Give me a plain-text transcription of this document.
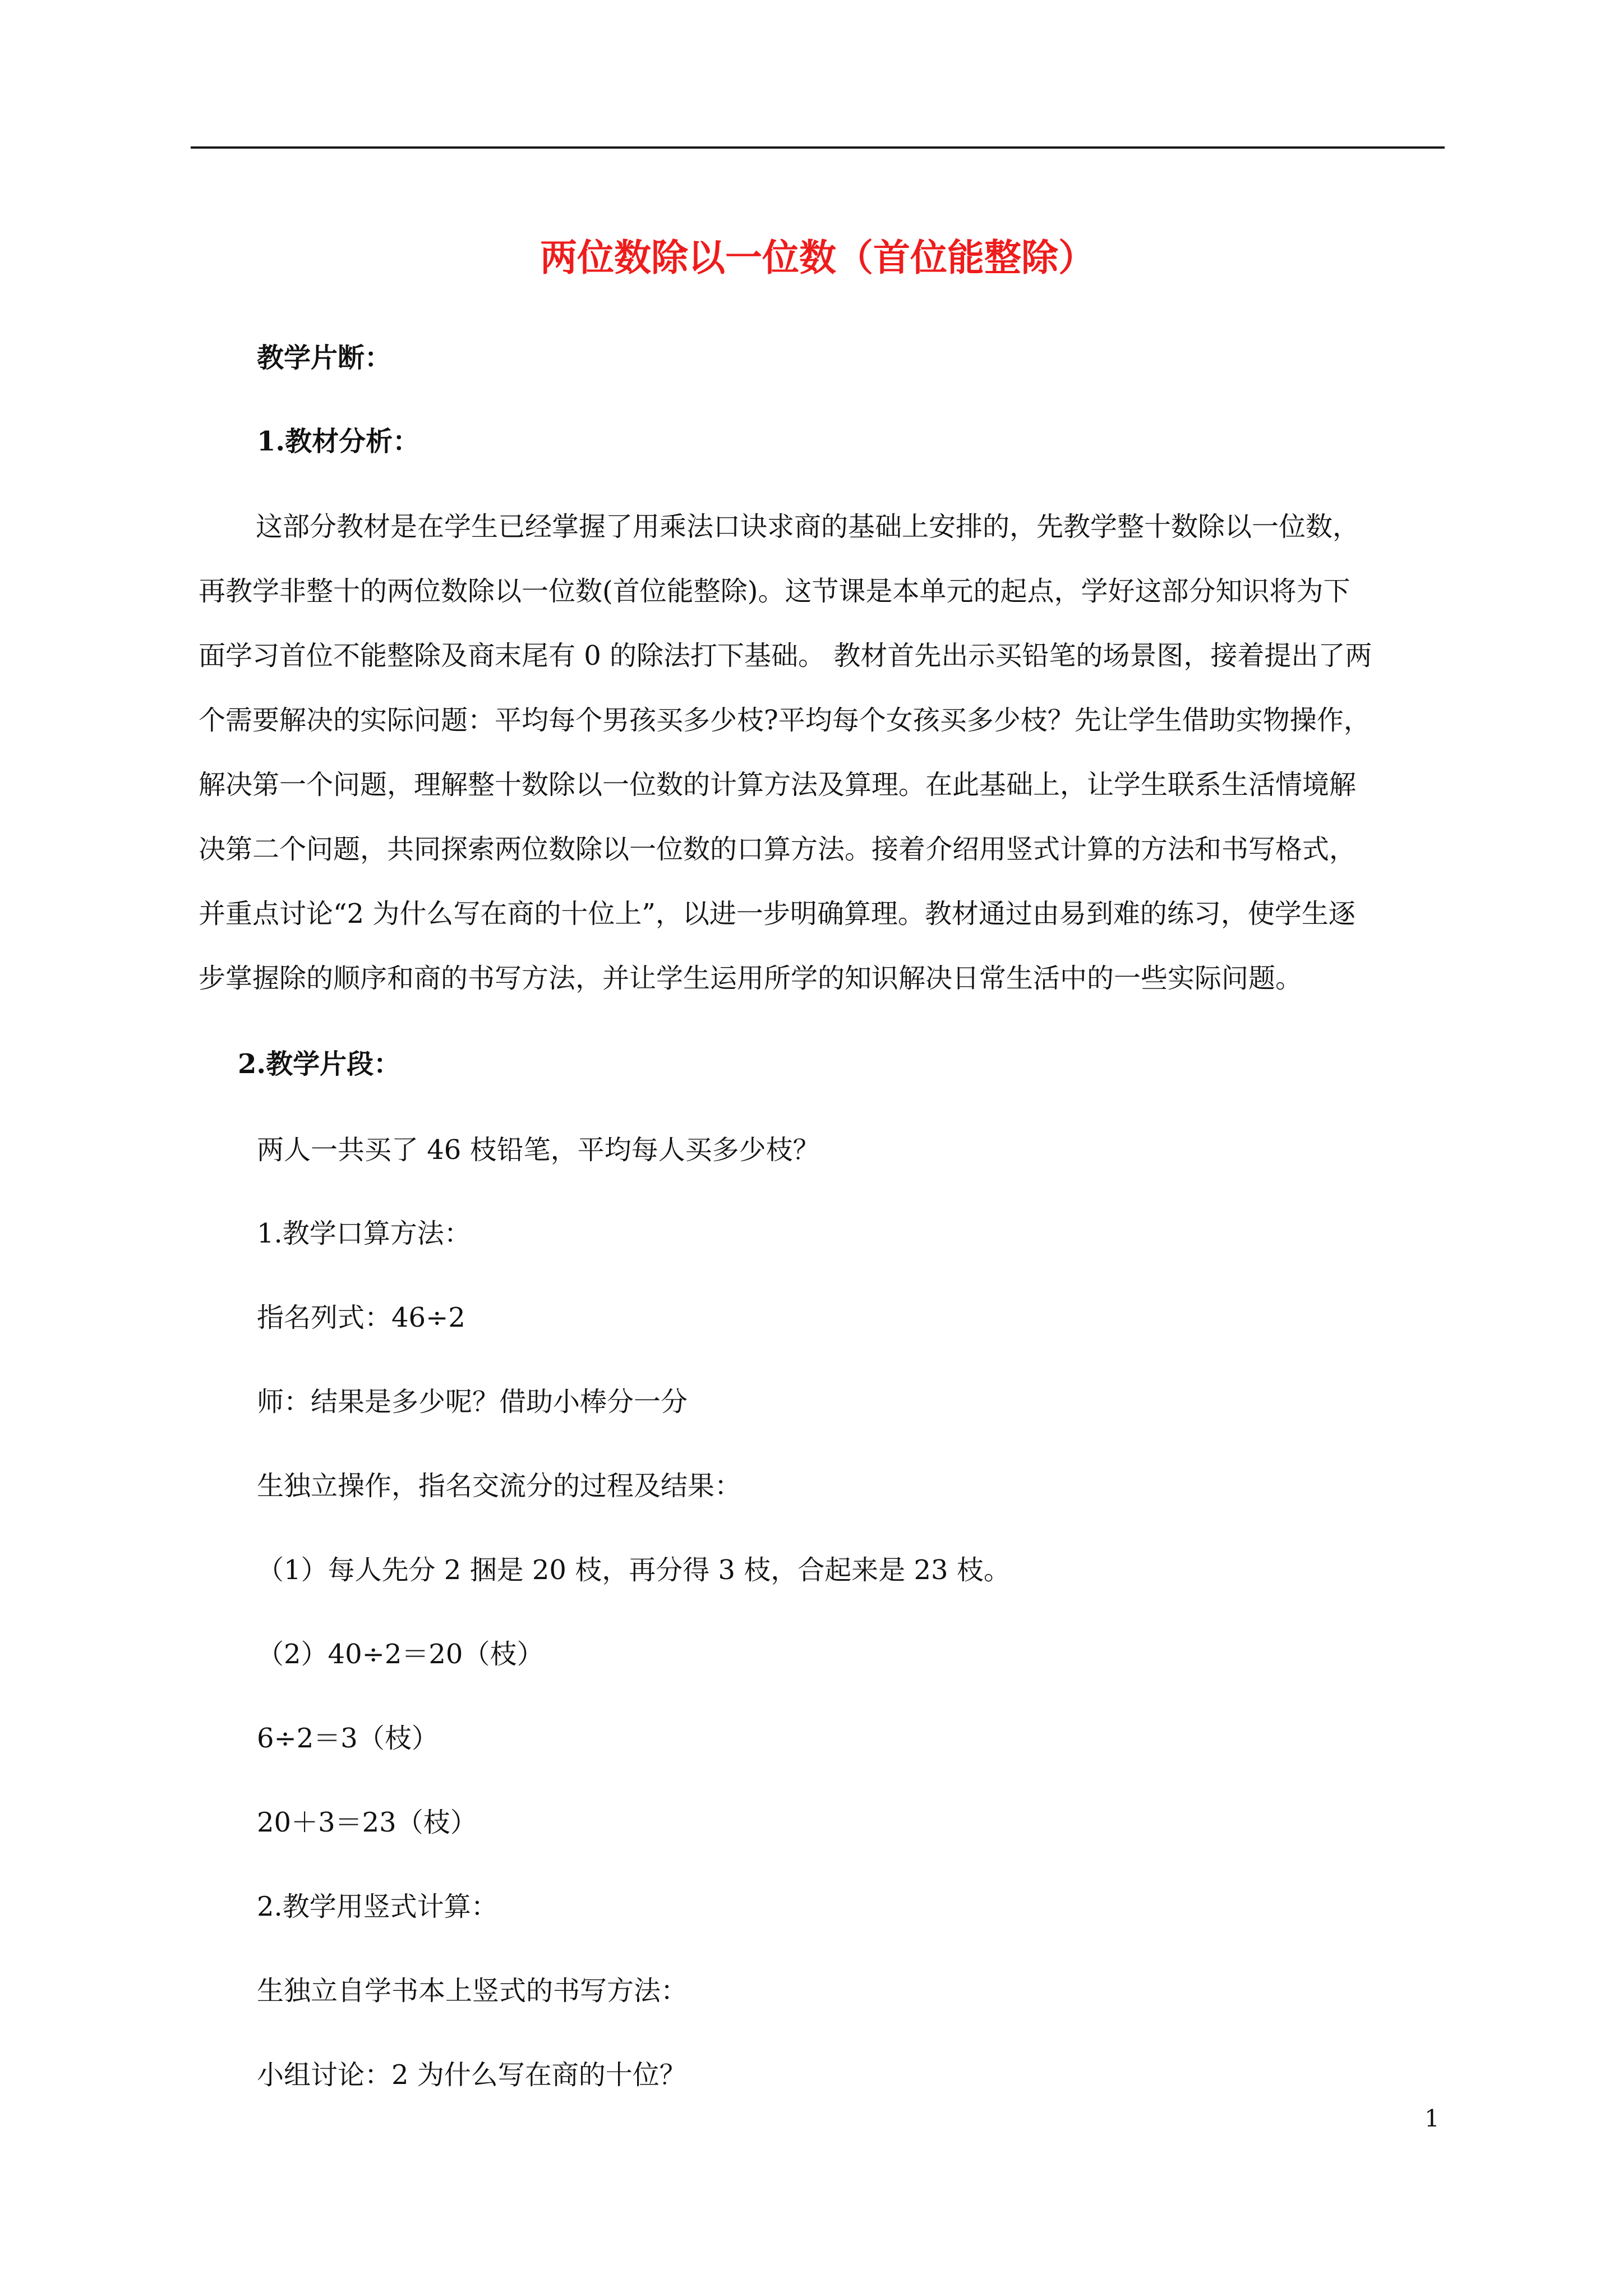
两位数除以一位数（首位能整除）
教学片断：
1.教材分析：
这部分教材是在学生已经掌握了用乘法口诀求商的基础上安排的，先教学整十数除以一位数，
再教学非整十的两位数除以一位数(首位能整除)。这节课是本单元的起点，学好这部分知识将为下
面学习首位不能整除及商末尾有 0 的除法打下基础。 教材首先出示买铅笔的场景图，接着提出了两
个需要解决的实际问题：平均每个男孩买多少枝?平均每个女孩买多少枝？先让学生借助实物操作，
解决第一个问题，理解整十数除以一位数的计算方法及算理。在此基础上，让学生联系生活情境解
决第二个问题，共同探索两位数除以一位数的口算方法。接着介绍用竖式计算的方法和书写格式，
并重点讨论“2 为什么写在商的十位上”，以进一步明确算理。教材通过由易到难的练习，使学生逐
步掌握除的顺序和商的书写方法，并让学生运用所学的知识解决日常生活中的一些实际问题。
2.教学片段：
两人一共买了 46 枝铅笔，平均每人买多少枝？
1.教学口算方法：
指名列式：46÷2
师：结果是多少呢？借助小棒分一分
生独立操作，指名交流分的过程及结果：
（1）每人先分 2 捆是 20 枝，再分得 3 枝，合起来是 23 枝。
（2）40÷2＝20（枝）
6÷2＝3（枝）
20＋3＝23（枝）
2.教学用竖式计算：
生独立自学书本上竖式的书写方法：
小组讨论：2 为什么写在商的十位？
1
